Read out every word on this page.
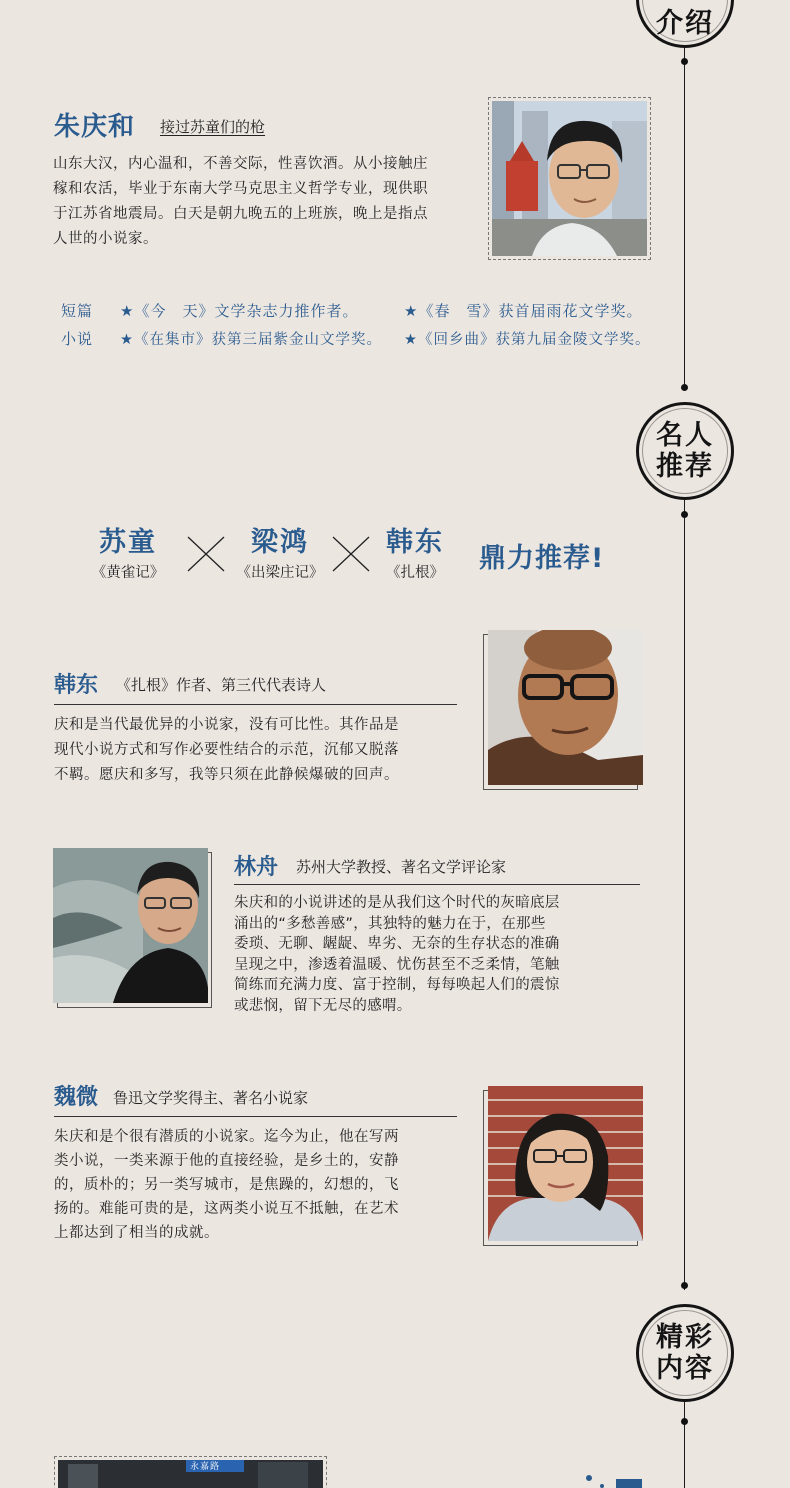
介绍
名人推荐
精彩内容
朱庆和 接过苏童们的枪
山东大汉，内心温和，不善交际，性喜饮酒。从小接触庄
稼和农活，毕业于东南大学马克思主义哲学专业，现供职
于江苏省地震局。白天是朝九晚五的上班族，晚上是指点
人世的小说家。
短篇 ★《今　天》文学杂志力推作者。	★《春　雪》获首届雨花文学奖。
小说 ★《在集市》获第三届紫金山文学奖。 ★《回乡曲》获第九届金陵文学奖。
苏童
《黄雀记》
梁鸿
《出梁庄记》
韩东
《扎根》	鼎力推荐!
韩东 《扎根》作者、第三代代表诗人
庆和是当代最优异的小说家，没有可比性。其作品是
现代小说方式和写作必要性结合的示范，沉郁又脱落
不羁。愿庆和多写，我等只须在此静候爆破的回声。
林舟 苏州大学教授、著名文学评论家
朱庆和的小说讲述的是从我们这个时代的灰暗底层
涌出的“多愁善感”，其独特的魅力在于，在那些
委琐、无聊、龌龊、卑劣、无奈的生存状态的准确
呈现之中，渗透着温暖、忧伤甚至不乏柔情，笔触
简练而充满力度、富于控制，每每唤起人们的震惊
或悲悯，留下无尽的感喟。
魏微 鲁迅文学奖得主、著名小说家
朱庆和是个很有潜质的小说家。迄今为止，他在写两
类小说，一类来源于他的直接经验，是乡土的，安静
的，质朴的；另一类写城市，是焦躁的，幻想的，飞
扬的。难能可贵的是，这两类小说互不抵触，在艺术
上都达到了相当的成就。
永嘉路
